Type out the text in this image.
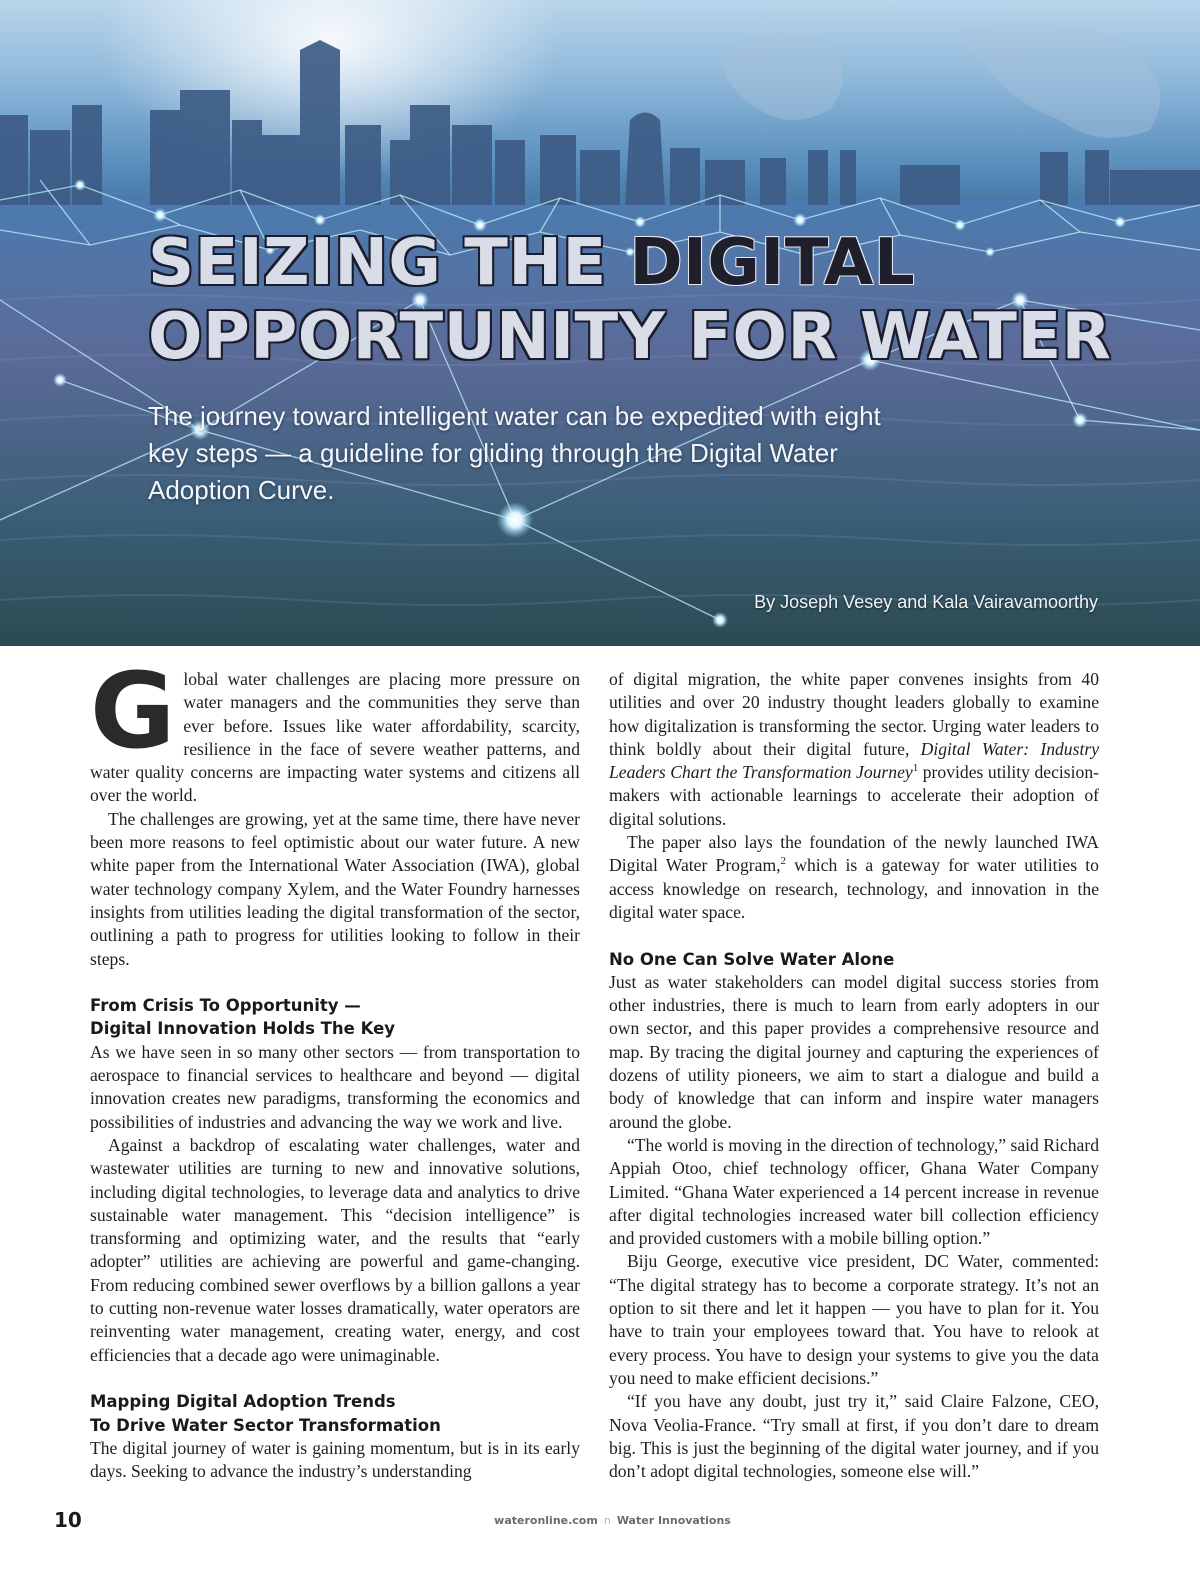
SEIZING THE DIGITAL
OPPORTUNITY FOR WATER

The journey toward intelligent water can be expedited with eight key steps — a guideline for gliding through the Digital Water Adoption Curve.

By Joseph Vesey and Kala Vairavamoorthy

Global water challenges are placing more pressure on water managers and the communities they serve than ever before. Issues like water affordability, scarcity, resilience in the face of severe weather patterns, and water quality concerns are impacting water systems and citizens all over the world.

The challenges are growing, yet at the same time, there have never been more reasons to feel optimistic about our water future. A new white paper from the International Water Association (IWA), global water technology company Xylem, and the Water Foundry harnesses insights from utilities leading the digital transformation of the sector, outlining a path to progress for utilities looking to follow in their steps.

From Crisis To Opportunity —
Digital Innovation Holds The Key

As we have seen in so many other sectors — from transportation to aerospace to financial services to healthcare and beyond — digital innovation creates new paradigms, transforming the economics and possibilities of industries and advancing the way we work and live.

Against a backdrop of escalating water challenges, water and wastewater utilities are turning to new and innovative solutions, including digital technologies, to leverage data and analytics to drive sustainable water management. This “decision intelligence” is transforming and optimizing water, and the results that “early adopter” utilities are achieving are powerful and game-changing. From reducing combined sewer overflows by a billion gallons a year to cutting non-revenue water losses dramatically, water operators are reinventing water management, creating water, energy, and cost efficiencies that a decade ago were unimaginable.

Mapping Digital Adoption Trends
To Drive Water Sector Transformation

The digital journey of water is gaining momentum, but is in its early days. Seeking to advance the industry’s understanding

of digital migration, the white paper convenes insights from 40 utilities and over 20 industry thought leaders globally to examine how digitalization is transforming the sector. Urging water leaders to think boldly about their digital future, Digital Water: Industry Leaders Chart the Transformation Journey$^1$ provides utility decision-makers with actionable learnings to accelerate their adoption of digital solutions.

The paper also lays the foundation of the newly launched IWA Digital Water Program,$^2$ which is a gateway for water utilities to access knowledge on research, technology, and innovation in the digital water space.

No One Can Solve Water Alone

Just as water stakeholders can model digital success stories from other industries, there is much to learn from early adopters in our own sector, and this paper provides a comprehensive resource and map. By tracing the digital journey and capturing the experiences of dozens of utility pioneers, we aim to start a dialogue and build a body of knowledge that can inform and inspire water managers around the globe.

“The world is moving in the direction of technology,” said Richard Appiah Otoo, chief technology officer, Ghana Water Company Limited. “Ghana Water experienced a 14 percent increase in revenue after digital technologies increased water bill collection efficiency and provided customers with a mobile billing option.”

Biju George, executive vice president, DC Water, commented: “The digital strategy has to become a corporate strategy. It’s not an option to sit there and let it happen — you have to plan for it. You have to train your employees toward that. You have to relook at every process. You have to design your systems to give you the data you need to make efficient decisions.”

“If you have any doubt, just try it,” said Claire Falzone, CEO, Nova Veolia-France. “Try small at first, if you don’t dare to dream big. This is just the beginning of the digital water journey, and if you don’t adopt digital technologies, someone else will.”

10	wateronline.com n Water Innovations
